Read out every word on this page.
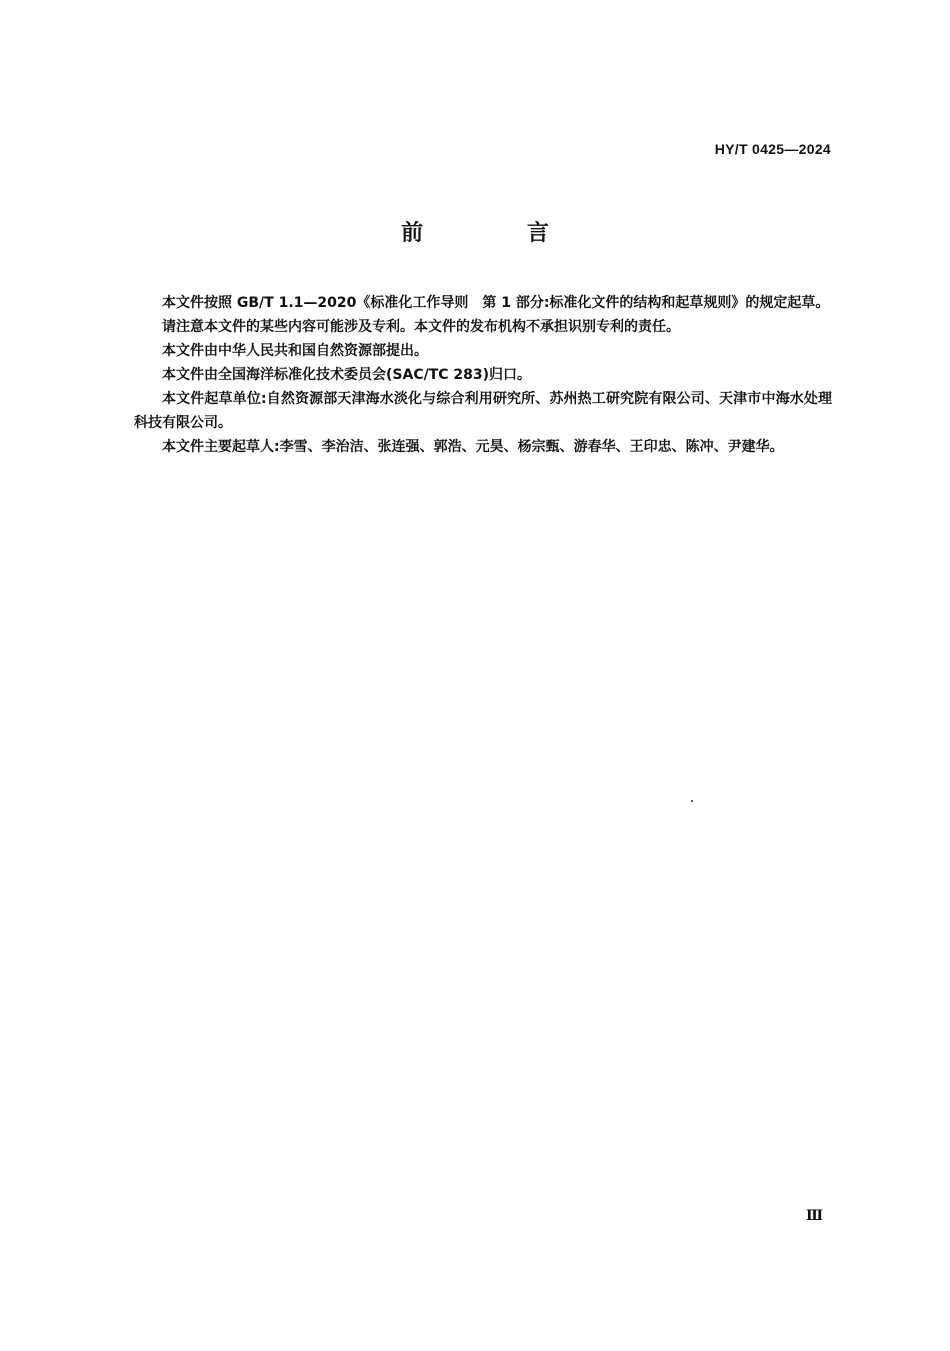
HY/T 0425—2024
前 言

本文件按照 GB/T 1.1—2020《标准化工作导则　第 1 部分:标准化文件的结构和起草规则》的规定起草。

请注意本文件的某些内容可能涉及专利。本文件的发布机构不承担识别专利的责任。

本文件由中华人民共和国自然资源部提出。

本文件由全国海洋标准化技术委员会(SAC/TC 283)归口。

本文件起草单位:自然资源部天津海水淡化与综合利用研究所、苏州热工研究院有限公司、天津市中海水处理科技有限公司。

本文件主要起草人:李雪、李治洁、张连强、郭浩、元昊、杨宗甄、游春华、王印忠、陈冲、尹建华。

Ⅲ
